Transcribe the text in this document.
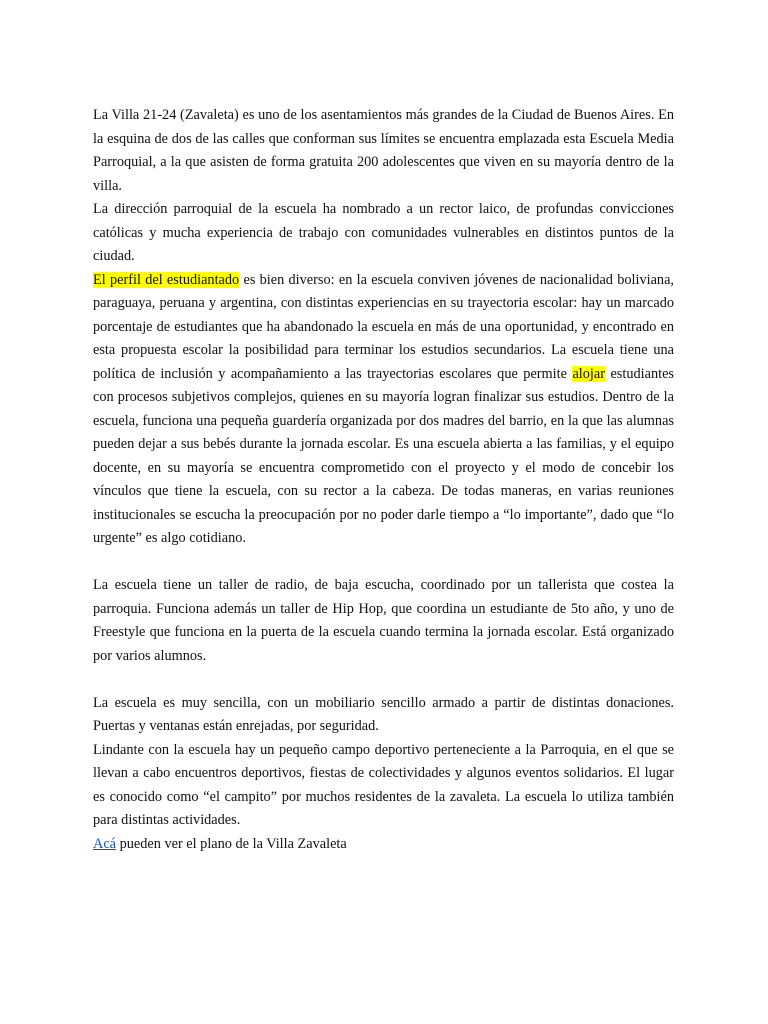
La Villa 21-24 (Zavaleta) es uno de los asentamientos más grandes de la Ciudad de Buenos Aires. En la esquina de dos de las calles que conforman sus límites se encuentra emplazada esta Escuela Media Parroquial, a la que asisten de forma gratuita 200 adolescentes que viven en su mayoría dentro de la villa.

La dirección parroquial de la escuela ha nombrado a un rector laico, de profundas convicciones católicas y mucha experiencia de trabajo con comunidades vulnerables en distintos puntos de la ciudad.

El perfil del estudiantado es bien diverso: en la escuela conviven jóvenes de nacionalidad boliviana, paraguaya, peruana y argentina, con distintas experiencias en su trayectoria escolar: hay un marcado porcentaje de estudiantes que ha abandonado la escuela en más de una oportunidad, y encontrado en esta propuesta escolar la posibilidad para terminar los estudios secundarios. La escuela tiene una política de inclusión y acompañamiento a las trayectorias escolares que permite alojar estudiantes con procesos subjetivos complejos, quienes en su mayoría logran finalizar sus estudios. Dentro de la escuela, funciona una pequeña guardería organizada por dos madres del barrio, en la que las alumnas pueden dejar a sus bebés durante la jornada escolar. Es una escuela abierta a las familias, y el equipo docente, en su mayoría se encuentra comprometido con el proyecto y el modo de concebir los vínculos que tiene la escuela, con su rector a la cabeza. De todas maneras, en varias reuniones institucionales se escucha la preocupación por no poder darle tiempo a “lo importante”, dado que “lo urgente” es algo cotidiano.

La escuela tiene un taller de radio, de baja escucha, coordinado por un tallerista que costea la parroquia. Funciona además un taller de Hip Hop, que coordina un estudiante de 5to año, y uno de Freestyle que funciona en la puerta de la escuela cuando termina la jornada escolar. Está organizado por varios alumnos.

La escuela es muy sencilla, con un mobiliario sencillo armado a partir de distintas donaciones. Puertas y ventanas están enrejadas, por seguridad.

Lindante con la escuela hay un pequeño campo deportivo perteneciente a la Parroquia, en el que se llevan a cabo encuentros deportivos, fiestas de colectividades y algunos eventos solidarios. El lugar es conocido como “el campito” por muchos residentes de la zavaleta. La escuela lo utiliza también para distintas actividades.

Acá pueden ver el plano de la Villa Zavaleta
